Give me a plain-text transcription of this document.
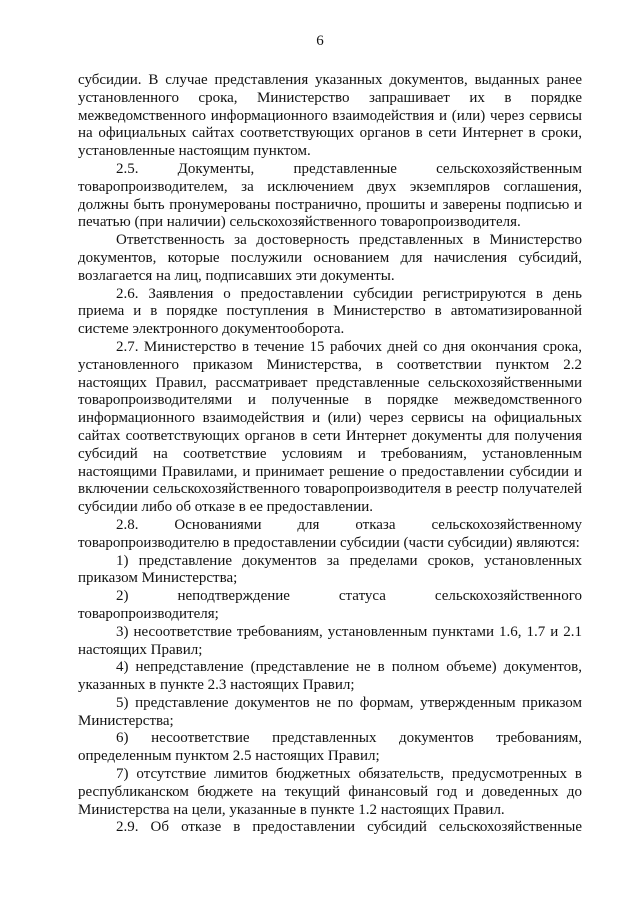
6

субсидии. В случае представления указанных документов, выданных ранее установленного срока, Министерство запрашивает их в порядке межведомственного информационного взаимодействия и (или) через сервисы на официальных сайтах соответствующих органов в сети Интернет в сроки, установленные настоящим пунктом.

2.5. Документы, представленные сельскохозяйственным товаропроизводителем, за исключением двух экземпляров соглашения, должны быть пронумерованы постранично, прошиты и заверены подписью и печатью (при наличии) сельскохозяйственного товаропроизводителя.

Ответственность за достоверность представленных в Министерство документов, которые послужили основанием для начисления субсидий, возлагается на лиц, подписавших эти документы.

2.6. Заявления о предоставлении субсидии регистрируются в день приема и в порядке поступления в Министерство в автоматизированной системе электронного документооборота.

2.7. Министерство в течение 15 рабочих дней со дня окончания срока, установленного приказом Министерства, в соответствии пунктом 2.2 настоящих Правил, рассматривает представленные сельскохозяйственными товаропроизводителями и полученные в порядке межведомственного информационного взаимодействия и (или) через сервисы на официальных сайтах соответствующих органов в сети Интернет документы для получения субсидий на соответствие условиям и требованиям, установленным настоящими Правилами, и принимает решение о предоставлении субсидии и включении сельскохозяйственного товаропроизводителя в реестр получателей субсидии либо об отказе в ее предоставлении.

2.8. Основаниями для отказа сельскохозяйственному товаропроизводителю в предоставлении субсидии (части субсидии) являются:

1) представление документов за пределами сроков, установленных приказом Министерства;

2) неподтверждение статуса сельскохозяйственного товаропроизводителя;

3) несоответствие требованиям, установленным пунктами 1.6, 1.7 и 2.1 настоящих Правил;

4) непредставление (представление не в полном объеме) документов, указанных в пункте 2.3 настоящих Правил;

5) представление документов не по формам, утвержденным приказом Министерства;

6) несоответствие представленных документов требованиям, определенным пунктом 2.5 настоящих Правил;

7) отсутствие лимитов бюджетных обязательств, предусмотренных в республиканском бюджете на текущий финансовый год и доведенных до Министерства на цели, указанные в пункте 1.2 настоящих Правил.

2.9. Об отказе в предоставлении субсидий сельскохозяйственные
